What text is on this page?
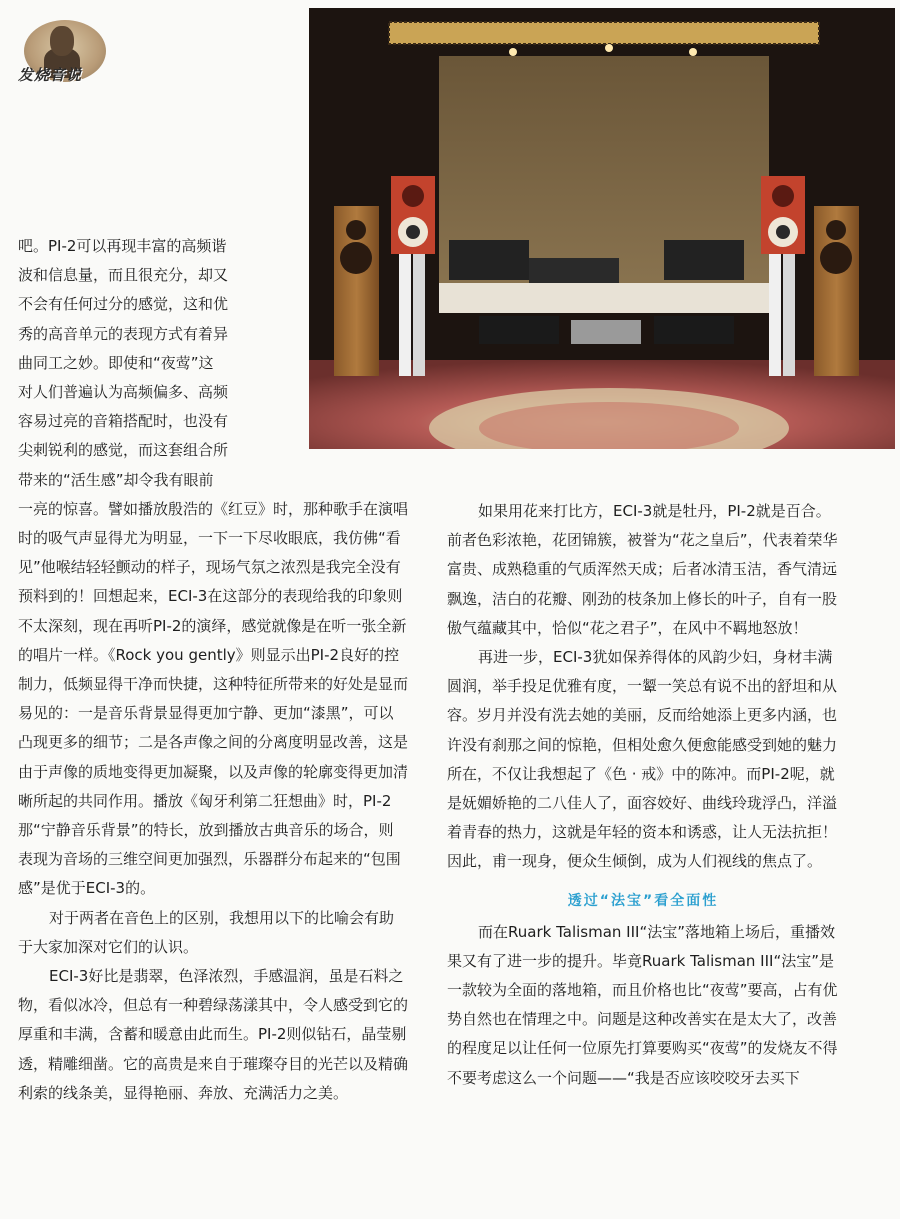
发烧音说

吧。PI-2可以再现丰富的高频谐

波和信息量，而且很充分，却又

不会有任何过分的感觉，这和优

秀的高音单元的表现方式有着异

曲同工之妙。即使和“夜莺”这

对人们普遍认为高频偏多、高频

容易过亮的音箱搭配时，也没有

尖刺锐利的感觉，而这套组合所

带来的“活生感”却令我有眼前

一亮的惊喜。譬如播放殷浩的《红豆》时，那种歌手在演唱时的吸气声显得尤为明显，一下一下尽收眼底，我仿佛“看见”他喉结轻轻颤动的样子，现场气氛之浓烈是我完全没有预料到的！回想起来，ECI-3在这部分的表现给我的印象则不太深刻，现在再听PI-2的演绎，感觉就像是在听一张全新的唱片一样。《Rock you gently》则显示出PI-2良好的控制力，低频显得干净而快捷，这种特征所带来的好处是显而易见的：一是音乐背景显得更加宁静、更加“漆黑”，可以凸现更多的细节；二是各声像之间的分离度明显改善，这是由于声像的质地变得更加凝聚，以及声像的轮廓变得更加清晰所起的共同作用。播放《匈牙利第二狂想曲》时，PI-2那“宁静音乐背景”的特长，放到播放古典音乐的场合，则表现为音场的三维空间更加强烈，乐器群分布起来的“包围感”是优于ECI-3的。

对于两者在音色上的区别，我想用以下的比喻会有助于大家加深对它们的认识。

ECI-3好比是翡翠，色泽浓烈，手感温润，虽是石料之物，看似冰冷，但总有一种碧绿荡漾其中，令人感受到它的厚重和丰满，含蓄和暖意由此而生。PI-2则似钻石，晶莹剔透，精雕细凿。它的高贵是来自于璀璨夺目的光芒以及精确利索的线条美，显得艳丽、奔放、充满活力之美。

如果用花来打比方，ECI-3就是牡丹，PI-2就是百合。前者色彩浓艳，花团锦簇，被誉为“花之皇后”，代表着荣华富贵、成熟稳重的气质浑然天成；后者冰清玉洁，香气清远飘逸，洁白的花瓣、刚劲的枝条加上修长的叶子，自有一股傲气蕴藏其中，恰似“花之君子”，在风中不羁地怒放！

再进一步，ECI-3犹如保养得体的风韵少妇，身材丰满圆润，举手投足优雅有度，一颦一笑总有说不出的舒坦和从容。岁月并没有洗去她的美丽，反而给她添上更多内涵，也许没有刹那之间的惊艳，但相处愈久便愈能感受到她的魅力所在，不仅让我想起了《色 · 戒》中的陈冲。而PI-2呢，就是妩媚娇艳的二八佳人了，面容姣好、曲线玲珑浮凸，洋溢着青春的热力，这就是年轻的资本和诱惑，让人无法抗拒！因此，甫一现身，便众生倾倒，成为人们视线的焦点了。

透过“法宝”看全面性

而在Ruark Talisman III“法宝”落地箱上场后，重播效果又有了进一步的提升。毕竟Ruark Talisman III“法宝”是一款较为全面的落地箱，而且价格也比“夜莺”要高，占有优势自然也在情理之中。问题是这种改善实在是太大了，改善的程度足以让任何一位原先打算要购买“夜莺”的发烧友不得不要考虑这么一个问题——“我是否应该咬咬牙去买下
